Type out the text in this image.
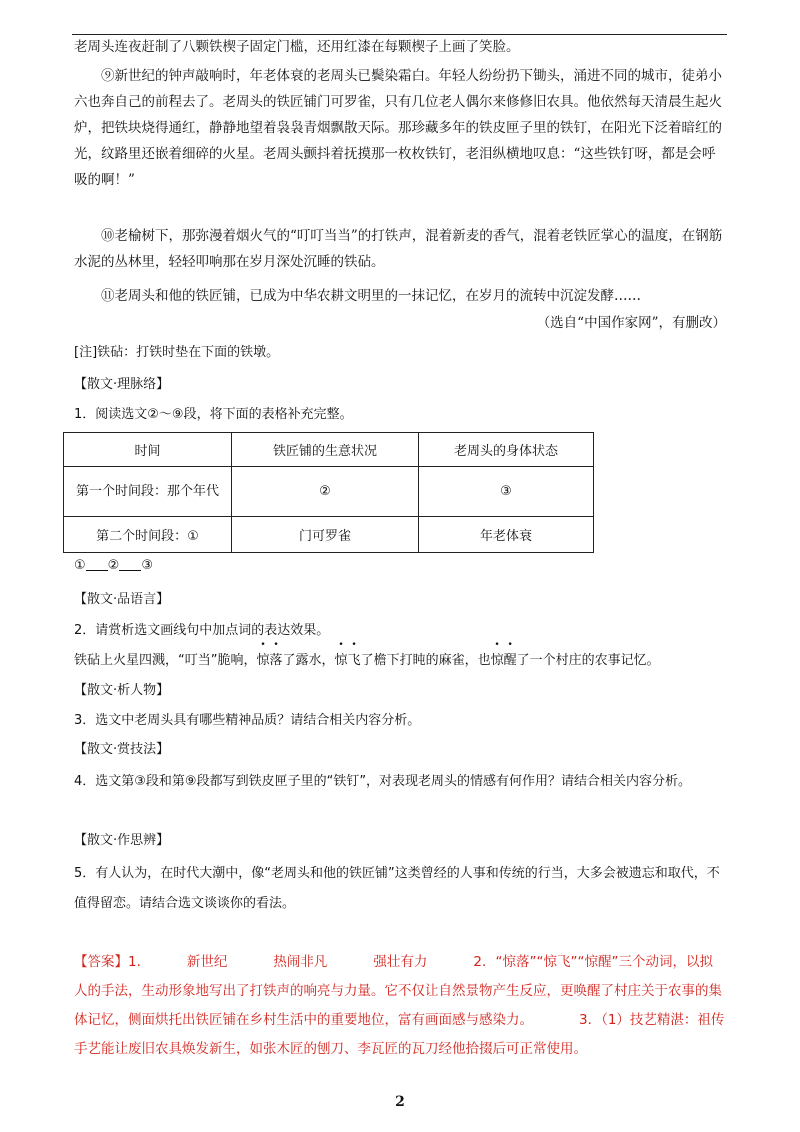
老周头连夜赶制了八颗铁楔子固定门槛，还用红漆在每颗楔子上画了笑脸。

⑨新世纪的钟声敲响时，年老体衰的老周头已鬓染霜白。年轻人纷纷扔下锄头，涌进不同的城市，徒弟小六也奔自己的前程去了。老周头的铁匠铺门可罗雀，只有几位老人偶尔来修修旧农具。他依然每天清晨生起火炉，把铁块烧得通红，静静地望着袅袅青烟飘散天际。那珍藏多年的铁皮匣子里的铁钉，在阳光下泛着暗红的光，纹路里还嵌着细碎的火星。老周头颤抖着抚摸那一枚枚铁钉，老泪纵横地叹息：“这些铁钉呀，都是会呼吸的啊！”

⑩老榆树下，那弥漫着烟火气的“叮叮当当”的打铁声，混着新麦的香气，混着老铁匠掌心的温度，在钢筋水泥的丛林里，轻轻叩响那在岁月深处沉睡的铁砧。

⑪老周头和他的铁匠铺，已成为中华农耕文明里的一抹记忆，在岁月的流转中沉淀发酵……

（选自“中国作家网”，有删改）

[注]铁砧：打铁时垫在下面的铁墩。

【散文·理脉络】

1．阅读选文②～⑨段，将下面的表格补充完整。

时间	铁匠铺的生意状况	老周头的身体状态
第一个时间段：那个年代	②	③
第二个时间段：①	门可罗雀	年老体衰

① ② ③

【散文·品语言】

2．请赏析选文画线句中加点词的表达效果。

铁砧上火星四溅，“叮当”脆响，惊落了露水，惊飞了檐下打盹的麻雀，也惊醒了一个村庄的农事记忆。

【散文·析人物】

3．选文中老周头具有哪些精神品质？请结合相关内容分析。

【散文·赏技法】

4．选文第③段和第⑨段都写到铁皮匣子里的“铁钉”，对表现老周头的情感有何作用？请结合相关内容分析。

【散文·作思辨】

5．有人认为，在时代大潮中，像“老周头和他的铁匠铺”这类曾经的人事和传统的行当，大多会被遗忘和取代，不值得留恋。请结合选文谈谈你的看法。

【答案】1.	新世纪	热闹非凡	强壮有力	2．“惊落”“惊飞”“惊醒”三个动词，以拟人的手法，生动形象地写出了打铁声的响亮与力量。它不仅让自然景物产生反应，更唤醒了村庄关于农事的集体记忆，侧面烘托出铁匠铺在乡村生活中的重要地位，富有画面感与感染力。	3．（1）技艺精湛：祖传手艺能让废旧农具焕发新生，如张木匠的刨刀、李瓦匠的瓦刀经他拾掇后可正常使用。
2
